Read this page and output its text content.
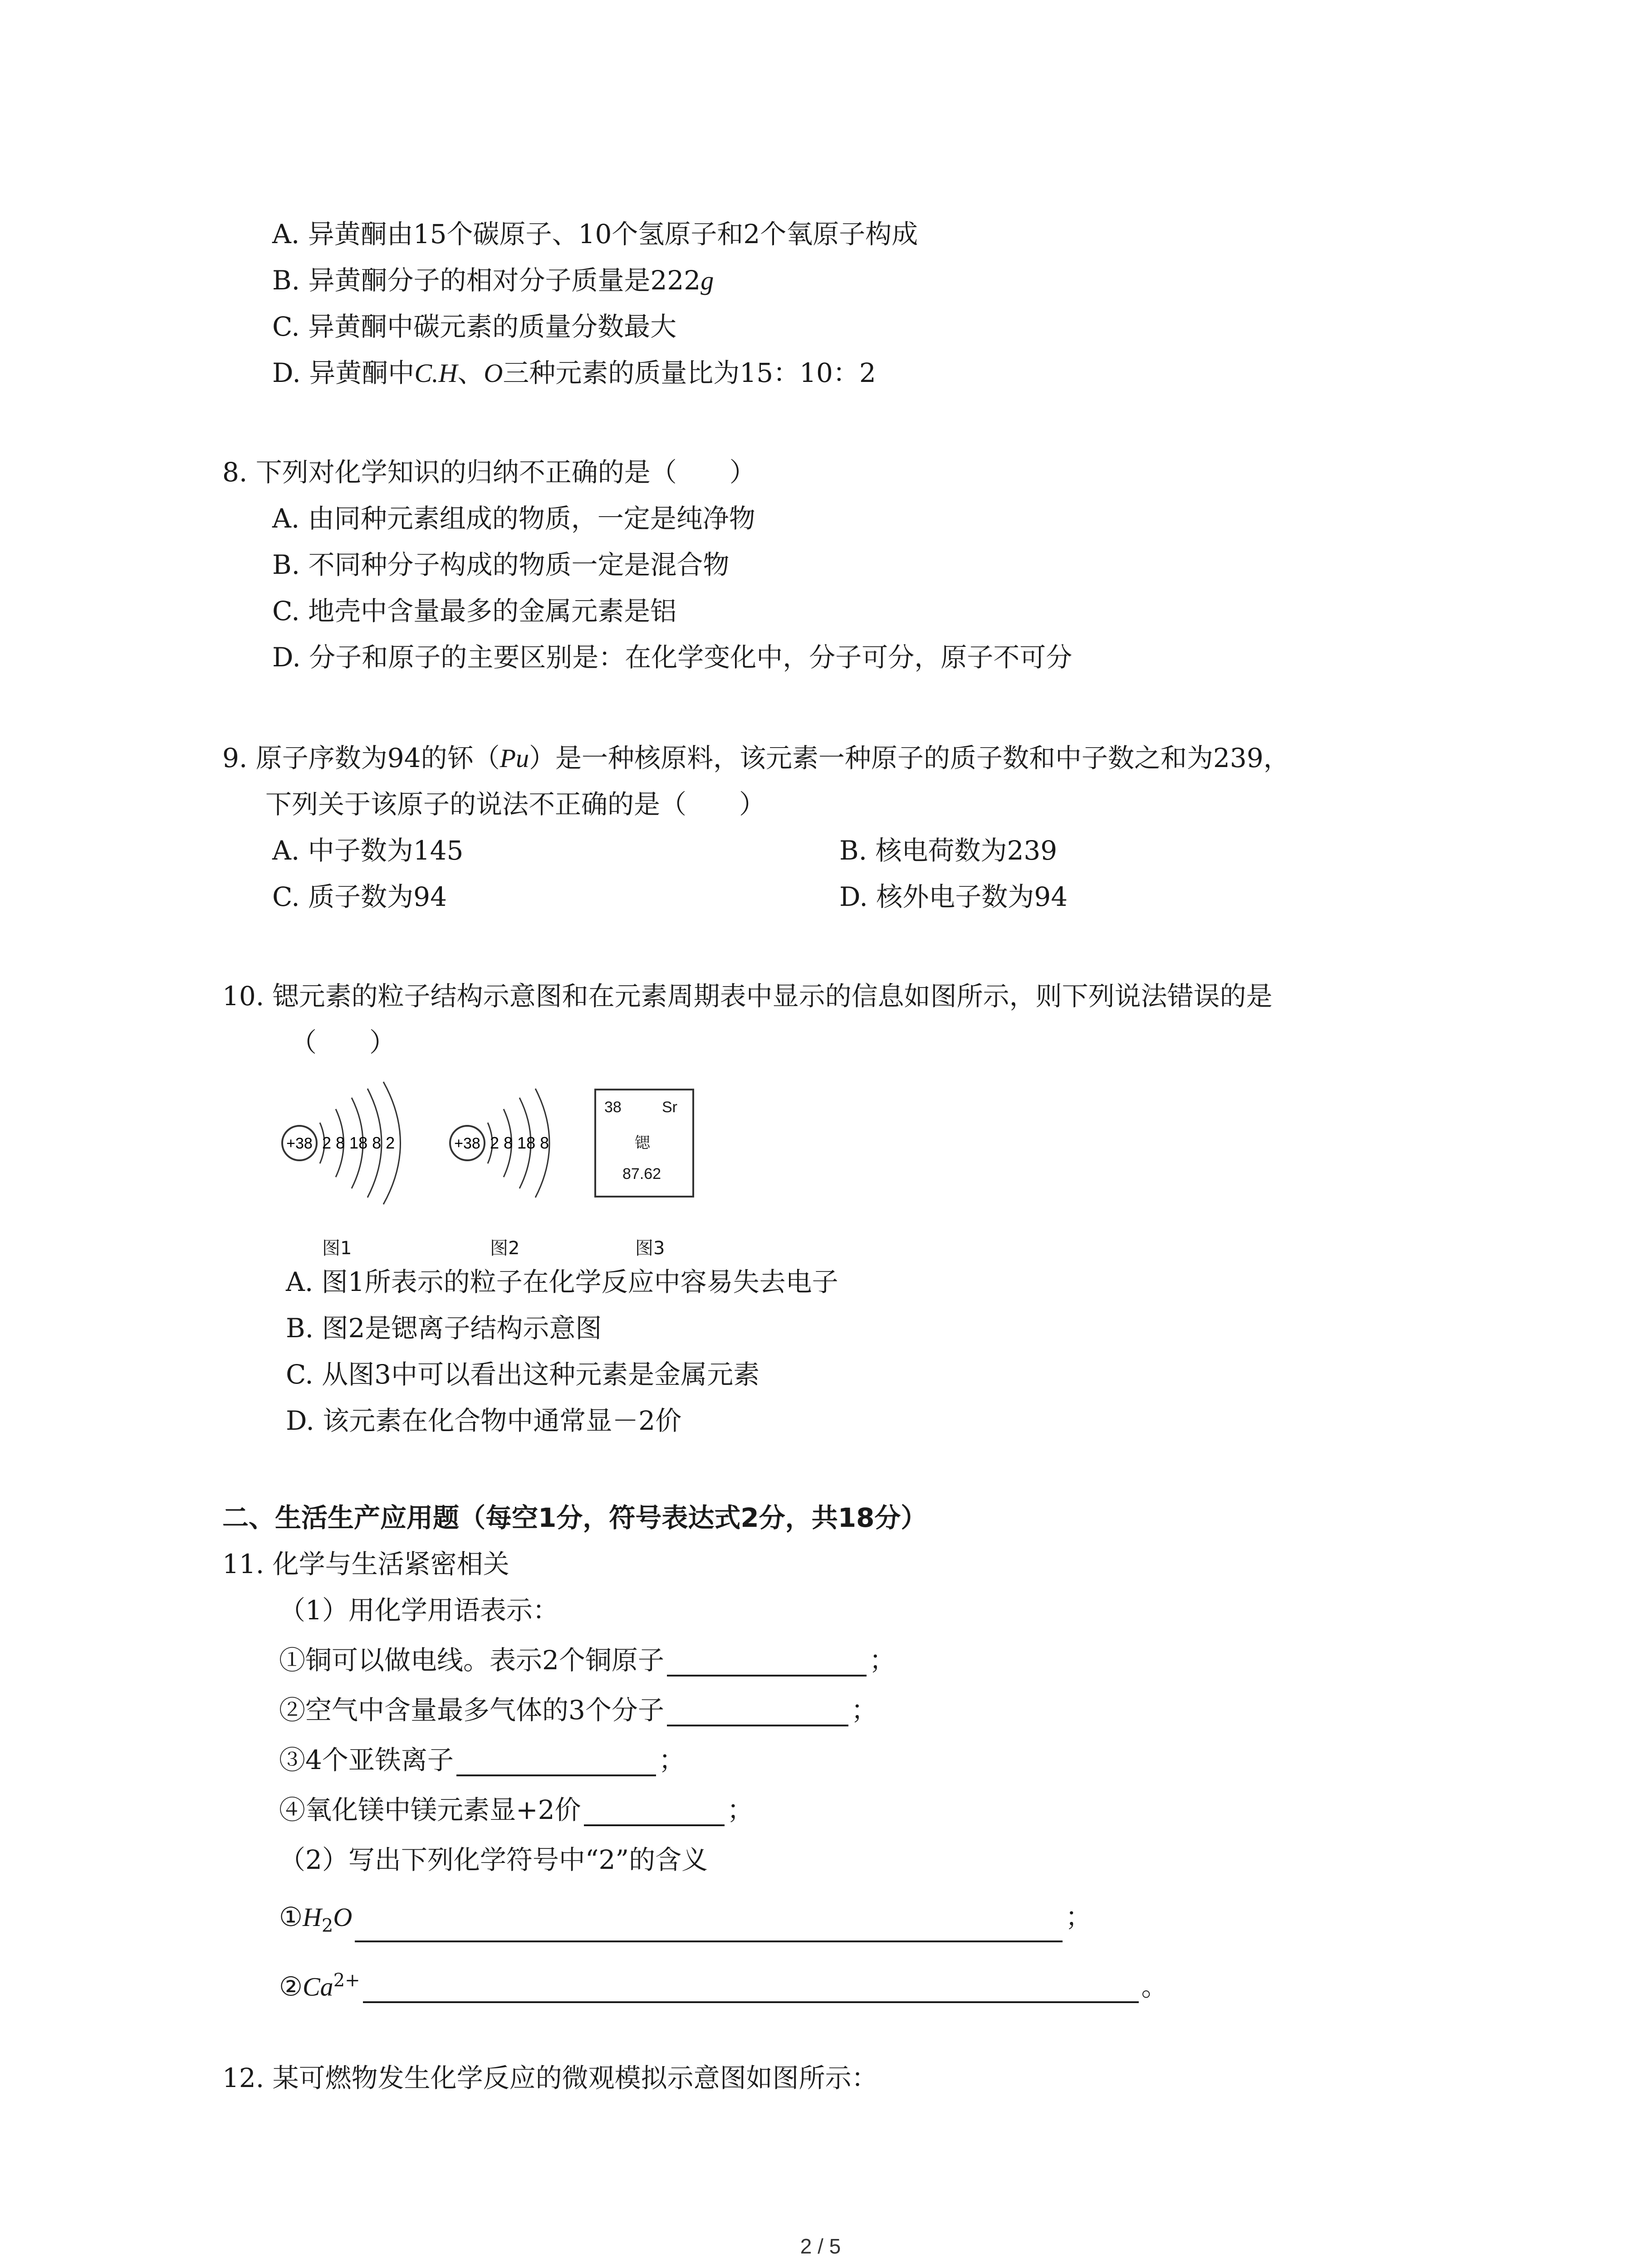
A. 异黄酮由15个碳原子、10个氢原子和2个氧原子构成
B. 异黄酮分子的相对分子质量是222g
C. 异黄酮中碳元素的质量分数最大
D. 异黄酮中C.H、O三种元素的质量比为15：10：2
8. 下列对化学知识的归纳不正确的是（　　）
A. 由同种元素组成的物质，一定是纯净物
B. 不同种分子构成的物质一定是混合物
C. 地壳中含量最多的金属元素是铝
D. 分子和原子的主要区别是：在化学变化中，分子可分，原子不可分
9. 原子序数为94的钚（Pu）是一种核原料，该元素一种原子的质子数和中子数之和为239，
下列关于该原子的说法不正确的是（　　）
A. 中子数为145	B. 核电荷数为239
C. 质子数为94	D. 核外电子数为94
10. 锶元素的粒子结构示意图和在元素周期表中显示的信息如图所示，则下列说法错误的是
（　　）
+38 2 8 18 8 2	+38 2 8 18 8
38	Sr
锶
87.62
图1	图2	图3
A. 图1所表示的粒子在化学反应中容易失去电子
B. 图2是锶离子结构示意图
C. 从图3中可以看出这种元素是金属元素
D. 该元素在化合物中通常显－2价
二、生活生产应用题（每空1分，符号表达式2分，共18分）
11. 化学与生活紧密相关
（1）用化学用语表示：
①铜可以做电线。表示2个铜原子	；
②空气中含量最多气体的3个分子	；
③4个亚铁离子	；
④氧化镁中镁元素显+2价	；
（2）写出下列化学符号中“2”的含义
$①H_2O$	；
$②Ca^{2+}$	。
12. 某可燃物发生化学反应的微观模拟示意图如图所示：
2 / 5
